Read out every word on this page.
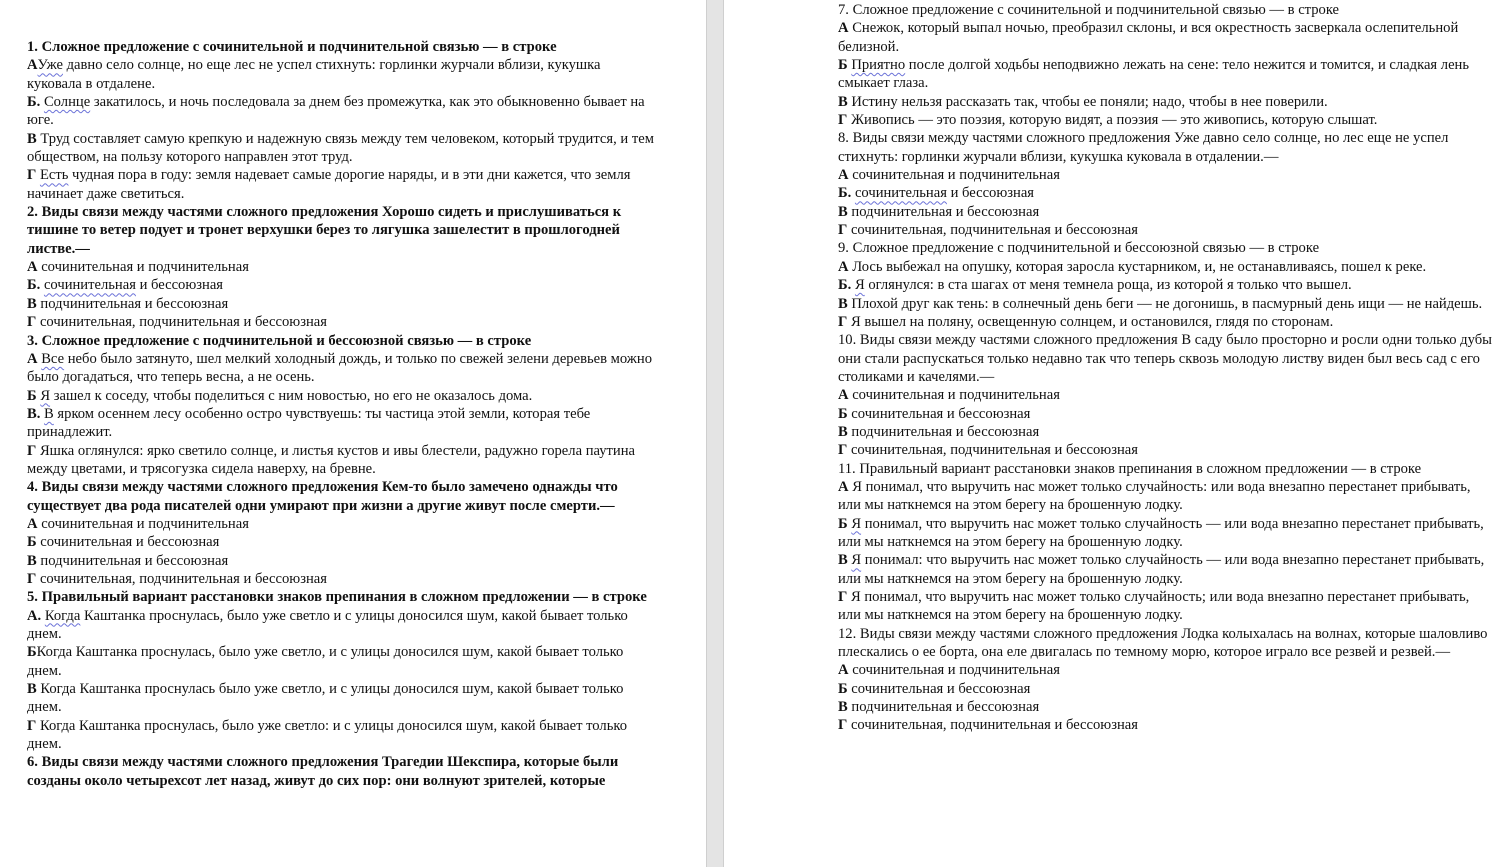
1. Сложное предложение с сочинительной и подчинительной связью — в строке

АУже давно село солнце, но еще лес не успел стихнуть: горлинки журчали вблизи, кукушка куковала в отдалене.

Б. Солнце закатилось, и ночь последовала за днем без промежутка, как это обыкновенно бывает на юге.

В Труд составляет самую крепкую и надежную связь между тем человеком, который трудится, и тем обществом, на пользу которого направлен этот труд.

Г Есть чудная пора в году: земля надевает самые дорогие наряды, и в эти дни кажется, что земля начинает даже светиться.

2. Виды связи между частями сложного предложения Хорошо сидеть и прислушиваться к тишине то ветер подует и тронет верхушки берез то лягушка зашелестит в прошлогодней листве.—

А сочинительная и подчинительная

Б. сочинительная и бессоюзная

В подчинительная и бессоюзная

Г сочинительная, подчинительная и бессоюзная

3. Сложное предложение с подчинительной и бессоюзной связью — в строке

А Все небо было затянуто, шел мелкий холодный дождь, и только по свежей зелени деревьев можно было догадаться, что теперь весна, а не осень.

Б Я зашел к соседу, чтобы поделиться с ним новостью, но его не оказалось дома.

В. В ярком осеннем лесу особенно остро чувствуешь: ты частица этой земли, которая тебе принадлежит.

Г Яшка оглянулся: ярко светило солнце, и листья кустов и ивы блестели, радужно горела паутина между цветами, и трясогузка сидела наверху, на бревне.

4. Виды связи между частями сложного предложения Кем-то было замечено однажды что существует два рода писателей одни умирают при жизни а другие живут после смерти.—

А сочинительная и подчинительная

Б сочинительная и бессоюзная

В подчинительная и бессоюзная

Г сочинительная, подчинительная и бессоюзная

5. Правильный вариант расстановки знаков препинания в сложном предложении — в строке

А. Когда Каштанка проснулась, было уже светло и с улицы доносился шум, какой бывает только днем.

БКогда Каштанка проснулась, было уже светло, и с улицы доносился шум, какой бывает только днем.

В Когда Каштанка проснулась было уже светло, и с улицы доносился шум, какой бывает только днем.

Г Когда Каштанка проснулась, было уже светло: и с улицы доносился шум, какой бывает только днем.

6. Виды связи между частями сложного предложения Трагедии Шекспира, которые были созданы около четырехсот лет назад, живут до сих пор: они волнуют зрителей, которые

7. Сложное предложение с сочинительной и подчинительной связью — в строке

А Снежок, который выпал ночью, преобразил склоны, и вся окрестность засверкала ослепительной белизной.

Б Приятно после долгой ходьбы неподвижно лежать на сене: тело нежится и томится, и сладкая лень смыкает глаза.

В Истину нельзя рассказать так, чтобы ее поняли; надо, чтобы в нее поверили.

Г Живопись — это поэзия, которую видят, а поэзия — это живопись, которую слышат.

8. Виды связи между частями сложного предложения Уже давно село солнце, но лес еще не успел стихнуть: горлинки журчали вблизи, кукушка куковала в отдалении.—

А сочинительная и подчинительная

Б. сочинительная и бессоюзная

В подчинительная и бессоюзная

Г сочинительная, подчинительная и бессоюзная

9. Сложное предложение с подчинительной и бессоюзной связью — в строке

А Лось выбежал на опушку, которая заросла кустарником, и, не останавливаясь, пошел к реке.

Б. Я оглянулся: в ста шагах от меня темнела роща, из которой я только что вышел.

В Плохой друг как тень: в солнечный день беги — не догонишь, в пасмурный день ищи — не найдешь.

Г Я вышел на поляну, освещенную солнцем, и остановился, глядя по сторонам.

10. Виды связи между частями сложного предложения В саду было просторно и росли одни только дубы они стали распускаться только недавно так что теперь сквозь молодую листву виден был весь сад с его столиками и качелями.—

А сочинительная и подчинительная

Б сочинительная и бессоюзная

В подчинительная и бессоюзная

Г сочинительная, подчинительная и бессоюзная

11. Правильный вариант расстановки знаков препинания в сложном предложении — в строке

А Я понимал, что выручить нас может только случайность: или вода внезапно перестанет прибывать, или мы наткнемся на этом берегу на брошенную лодку.

Б Я понимал, что выручить нас может только случайность — или вода внезапно перестанет прибывать, или мы наткнемся на этом берегу на брошенную лодку.

В Я понимал: что выручить нас может только случайность — или вода внезапно перестанет прибывать, или мы наткнемся на этом берегу на брошенную лодку.

Г Я понимал, что выручить нас может только случайность; или вода внезапно перестанет прибывать, или мы наткнемся на этом берегу на брошенную лодку.

12. Виды связи между частями сложного предложения Лодка колыхалась на волнах, которые шаловливо плескались о ее борта, она еле двигалась по темному морю, которое играло все резвей и резвей.—

А сочинительная и подчинительная

Б сочинительная и бессоюзная

В подчинительная и бессоюзная

Г сочинительная, подчинительная и бессоюзная
